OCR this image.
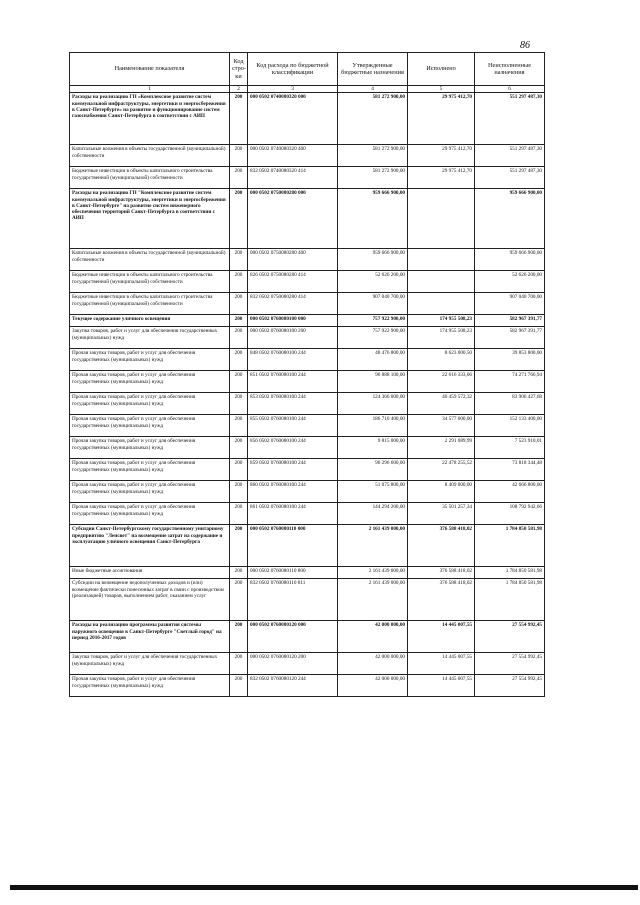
86
Наименование показателя	Код стро-ки	Код расхода по бюджетной классификации	Утвержденные бюджетные назначения	Исполнено	Неисполненные назначения
1	2	3	4	5	6
Расходы на реализацию ГП «Комплексное развитие систем коммунальной инфраструктуры, энергетики и энергосбережения в Санкт-Петербурге» на развитие и функционирование систем газоснабжения Санкт-Петербурга в соответствии с АИП	200	000 0502 0740080320 000	581 272 900,00	29 975 412,70	551 297 487,30
Капитальные вложения в объекты государственной (муниципальной) собственности	200	000 0502 0740080320 400	581 272 900,00	29 975 412,70	551 297 487,30
Бюджетные инвестиции в объекты капитального строительства государственной (муниципальной) собственности	200	832 0502 0740080320 414	581 272 900,00	29 975 412,70	551 297 487,30
Расходы на реализацию ГП "Комплексное развитие систем коммунальной инфраструктуры, энергетики и энергосбережения в Санкт-Петербурге" на развитие систем инженерного обеспечения территорий Санкт-Петербурга в соответствии с АИП	200	000 0502 0750080280 000	959 666 900,00		959 666 900,00
Капитальные вложения в объекты государственной (муниципальной) собственности	200	000 0502 0750080280 400	959 666 900,00		959 666 900,00
Бюджетные инвестиции в объекты капитального строительства государственной (муниципальной) собственности	200	826 0502 0750080280 414	52 626 200,00		52 626 200,00
Бюджетные инвестиции в объекты капитального строительства государственной (муниципальной) собственности	200	832 0502 0750080280 414	907 040 700,00		907 040 700,00
Текущее содержание уличного освещения	200	000 0502 0760080100 000	757 922 900,00	174 955 508,23	582 967 391,77
Закупка товаров, работ и услуг для обеспечения государственных (муниципальных) нужд	200	000 0502 0760080100 200	757 922 900,00	174 955 508,23	582 967 391,77
Прочая закупка товаров, работ и услуг для обеспечения государственных (муниципальных) нужд	200	848 0502 0760080100 244	48 476 800,00	8 623 000,50	39 853 800,00
Прочая закупка товаров, работ и услуг для обеспечения государственных (муниципальных) нужд	200	851 0502 0760080100 244	96 888 100,00	22 616 333,06	74 271 766,94
Прочая закупка товаров, работ и услуг для обеспечения государственных (муниципальных) нужд	200	853 0502 0760080100 244	124 366 000,00	40 459 572,32	83 906 427,68
Прочая закупка товаров, работ и услуг для обеспечения государственных (муниципальных) нужд	200	855 0502 0760080100 244	186 710 400,00	34 577 000,00	152 133 400,00
Прочая закупка товаров, работ и услуг для обеспечения государственных (муниципальных) нужд	200	856 0502 0760080100 244	9 815 000,00	2 291 089,99	7 523 910,01
Прочая закупка товаров, работ и услуг для обеспечения государственных (муниципальных) нужд	200	859 0502 0760080100 244	96 296 600,00	22 478 255,52	73 818 344,48
Прочая закупка товаров, работ и услуг для обеспечения государственных (муниципальных) нужд	200	860 0502 0760080100 244	51 075 800,00	8 409 000,00	42 666 800,00
Прочая закупка товаров, работ и услуг для обеспечения государственных (муниципальных) нужд	200	861 0502 0760080100 244	144 294 200,00	35 501 257,34	108 792 942,66
Субсидии Санкт-Петербургскому государственному унитарному предприятию "Ленсвет" на возмещение затрат на содержание и эксплуатацию уличного освещения Санкт-Петербурга	200	000 0502 0760080110 000	2 161 439 000,00	376 588 418,02	1 784 850 581,98
Иные бюджетные ассигнования	200	000 0502 0760080110 800	2 161 439 000,00	376 588 418,02	1 784 850 581,98
Субсидии на возмещение недополученных доходов и (или) возмещение фактически понесенных затрат в связи с производством (реализацией) товаров, выполнением работ, оказанием услуг	200	832 0502 0760080110 811	2 161 439 000,00	376 588 418,02	1 784 850 581,98
Расходы на реализацию программы развития системы наружного освещения в Санкт-Петербурге "Светлый город" на период 2016-2017 годов	200	000 0502 0760080120 000	42 000 000,00	14 445 007,55	27 554 992,45
Закупка товаров, работ и услуг для обеспечения государственных (муниципальных) нужд	200	000 0502 0760080120 200	42 000 000,00	14 445 007,55	27 554 992,45
Прочая закупка товаров, работ и услуг для обеспечения государственных (муниципальных) нужд	200	832 0502 0760080120 244	42 000 000,00	14 445 007,55	27 554 992,45
